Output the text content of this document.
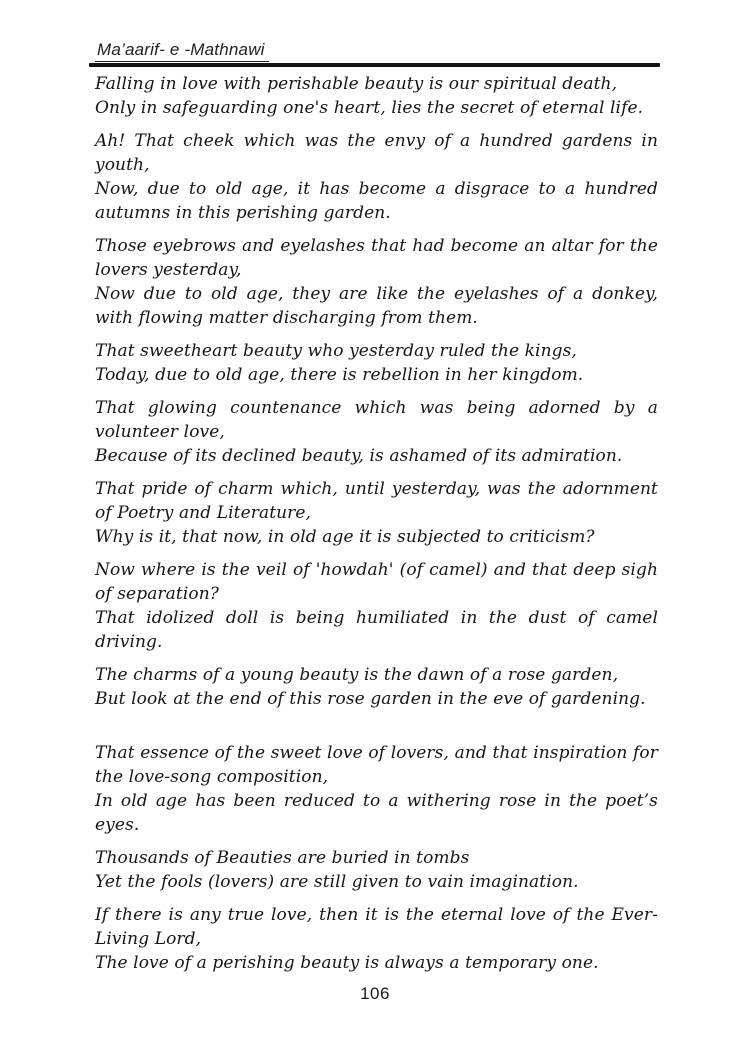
Ma’aarif- e -Mathnawi
Falling in love with perishable beauty is our spiritual death,
Only in safeguarding one's heart, lies the secret of eternal life.
Ah! That cheek which was the envy of a hundred gardens in youth,
Now, due to old age, it has become a disgrace to a hundred autumns in this perishing garden.
Those eyebrows and eyelashes that had become an altar for the lovers yesterday,
Now due to old age, they are like the eyelashes of a donkey, with flowing matter discharging from them.
That sweetheart beauty who yesterday ruled the kings,
Today, due to old age, there is rebellion in her kingdom.
That glowing countenance which was being adorned by a volunteer love,
Because of its declined beauty, is ashamed of its admiration.
That pride of charm which, until yesterday, was the adornment of Poetry and Literature,
Why is it, that now, in old age it is subjected to criticism?
Now where is the veil of 'howdah' (of camel) and that deep sigh of separation?
That idolized doll is being humiliated in the dust of camel driving.
The charms of a young beauty is the dawn of a rose garden,
But look at the end of this rose garden in the eve of gardening.
That essence of the sweet love of lovers, and that inspiration for the love-song composition,
In old age has been reduced to a withering rose in the poet’s eyes.
Thousands of Beauties are buried in tombs
Yet the fools (lovers) are still given to vain imagination.
If there is any true love, then it is the eternal love of the Ever-Living Lord,
The love of a perishing beauty is always a temporary one.
106
